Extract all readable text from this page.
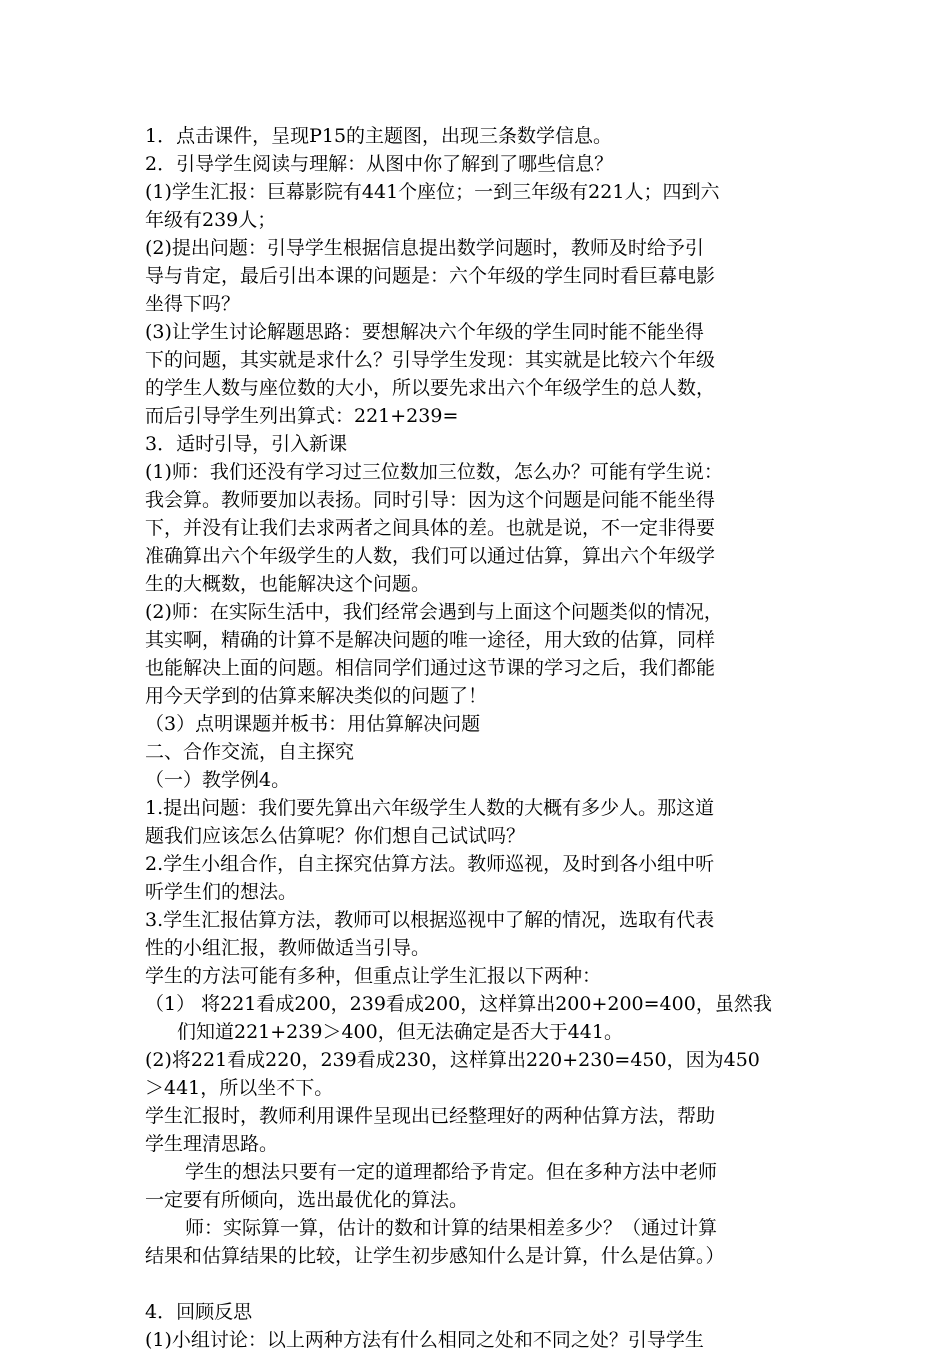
1．点击课件，呈现P15的主题图，出现三条数学信息。

2．引导学生阅读与理解：从图中你了解到了哪些信息？

(1)学生汇报：巨幕影院有441个座位；一到三年级有221人；四到六

年级有239人；

(2)提出问题：引导学生根据信息提出数学问题时，教师及时给予引

导与肯定，最后引出本课的问题是：六个年级的学生同时看巨幕电影

坐得下吗？

(3)让学生讨论解题思路：要想解决六个年级的学生同时能不能坐得

下的问题，其实就是求什么？引导学生发现：其实就是比较六个年级

的学生人数与座位数的大小，所以要先求出六个年级学生的总人数，

而后引导学生列出算式：221+239=

3．适时引导，引入新课

(1)师：我们还没有学习过三位数加三位数，怎么办？可能有学生说：

我会算。教师要加以表扬。同时引导：因为这个问题是问能不能坐得

下，并没有让我们去求两者之间具体的差。也就是说，不一定非得要

准确算出六个年级学生的人数，我们可以通过估算，算出六个年级学

生的大概数，也能解决这个问题。

(2)师：在实际生活中，我们经常会遇到与上面这个问题类似的情况，

其实啊，精确的计算不是解决问题的唯一途径，用大致的估算，同样

也能解决上面的问题。相信同学们通过这节课的学习之后，我们都能

用今天学到的估算来解决类似的问题了！

（3）点明课题并板书：用估算解决问题

二、合作交流，自主探究

（一）教学例4。

1.提出问题：我们要先算出六年级学生人数的大概有多少人。那这道

题我们应该怎么估算呢？你们想自己试试吗？

2.学生小组合作，自主探究估算方法。教师巡视，及时到各小组中听

听学生们的想法。

3.学生汇报估算方法，教师可以根据巡视中了解的情况，选取有代表

性的小组汇报，教师做适当引导。

学生的方法可能有多种，但重点让学生汇报以下两种：

（1） 将221看成200，239看成200，这样算出200+200=400，虽然我

们知道221+239＞400，但无法确定是否大于441。

(2)将221看成220，239看成230，这样算出220+230=450，因为450

＞441，所以坐不下。

学生汇报时，教师利用课件呈现出已经整理好的两种估算方法，帮助

学生理清思路。

学生的想法只要有一定的道理都给予肯定。但在多种方法中老师

一定要有所倾向，选出最优化的算法。

师：实际算一算，估计的数和计算的结果相差多少？（通过计算

结果和估算结果的比较，让学生初步感知什么是计算，什么是估算。）

4．回顾反思

(1)小组讨论：以上两种方法有什么相同之处和不同之处？引导学生
